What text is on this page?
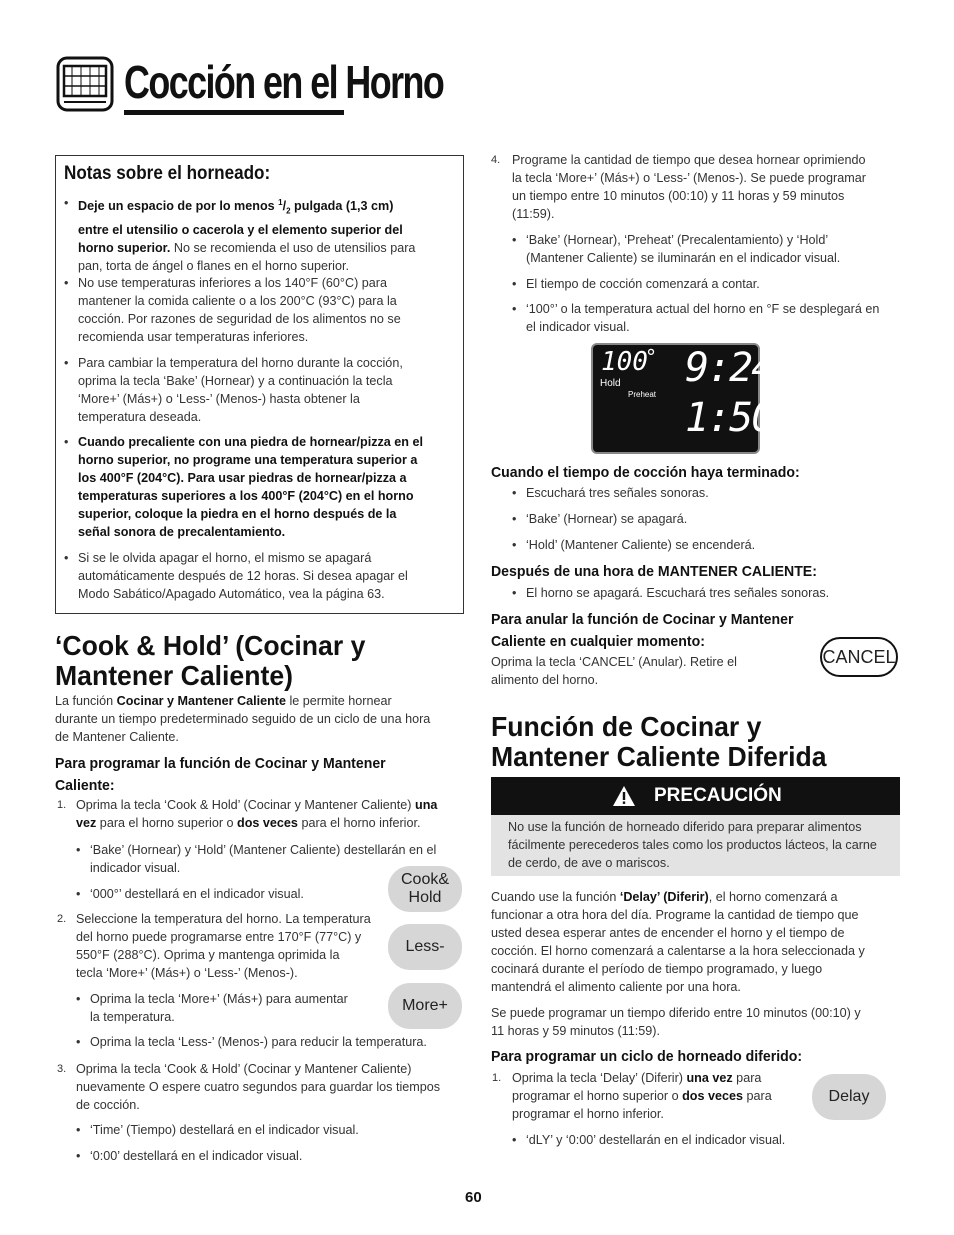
Cocción en el Horno
Notas sobre el horneado:
• Deje un espacio de por lo menos $^1/_2$ pulgada (1,3 cm)
entre el utensilio o cacerola y el elemento superior del
horno superior. No se recomienda el uso de utensilios para
pan, torta de ángel o flanes en el horno superior.
• No use temperaturas inferiores a los 140°F (60°C) para
mantener la comida caliente o a los 200°C (93°C) para la
cocción. Por razones de seguridad de los alimentos no se
recomienda usar temperaturas inferiores.
• Para cambiar la temperatura del horno durante la cocción,
oprima la tecla ‘Bake’ (Hornear) y a continuación la tecla
‘More+’ (Más+) o ‘Less-’ (Menos-) hasta obtener la
temperatura deseada.
• Cuando precaliente con una piedra de hornear/pizza en el
horno superior, no programe una temperatura superior a
los 400°F (204°C). Para usar piedras de hornear/pizza a
temperaturas superiores a los 400°F (204°C) en el horno
superior, coloque la piedra en el horno después de la
señal sonora de precalentamiento.
• Si se le olvida apagar el horno, el mismo se apagará
automáticamente después de 12 horas. Si desea apagar el
Modo Sabático/Apagado Automático, vea la página 63.
‘Cook & Hold’ (Cocinar y
Mantener Caliente)
La función Cocinar y Mantener Caliente le permite hornear
durante un tiempo predeterminado seguido de un ciclo de una hora
de Mantener Caliente.
Para programar la función de Cocinar y Mantener
Caliente:
1. Oprima la tecla ‘Cook & Hold’ (Cocinar y Mantener Caliente) una
vez para el horno superior o dos veces para el horno inferior.
• ‘Bake’ (Hornear) y ‘Hold’ (Mantener Caliente) destellarán en el
indicador visual.
• ‘000°’ destellará en el indicador visual.
2. Seleccione la temperatura del horno. La temperatura
del horno puede programarse entre 170°F (77°C) y
550°F (288°C). Oprima y mantenga oprimida la
tecla ‘More+’ (Más+) o ‘Less-’ (Menos-).
• Oprima la tecla ‘More+’ (Más+) para aumentar
la temperatura.
• Oprima la tecla ‘Less-’ (Menos-) para reducir la temperatura.
3. Oprima la tecla ‘Cook & Hold’ (Cocinar y Mantener Caliente)
nuevamente O espere cuatro segundos para guardar los tiempos
de cocción.
• ‘Time’ (Tiempo) destellará en el indicador visual.
• ‘0:00’ destellará en el indicador visual.
Cook&
Hold
Less-
More+
4. Programe la cantidad de tiempo que desea hornear oprimiendo
la tecla ‘More+’ (Más+) o ‘Less-’ (Menos-). Se puede programar
un tiempo entre 10 minutos (00:10) y 11 horas y 59 minutos
(11:59).
• ‘Bake’ (Hornear), ‘Preheat’ (Precalentamiento) y ‘Hold’
(Mantener Caliente) se iluminarán en el indicador visual.
• El tiempo de cocción comenzará a contar.
• ‘100°’ o la temperatura actual del horno en °F se desplegará en
el indicador visual.
100
°
Hold
Preheat
9:24
Bake
1:50
Cuando el tiempo de cocción haya terminado:
• Escuchará tres señales sonoras.
• ‘Bake’ (Hornear) se apagará.
• ‘Hold’ (Mantener Caliente) se encenderá.
Después de una hora de MANTENER CALIENTE:
• El horno se apagará. Escuchará tres señales sonoras.
Para anular la función de Cocinar y Mantener
Caliente en cualquier momento:
Oprima la tecla ‘CANCEL’ (Anular). Retire el
alimento del horno.
CANCEL
Función de Cocinar y
Mantener Caliente Diferida
PRECAUCIÓN
No use la función de horneado diferido para preparar alimentos
fácilmente perecederos tales como los productos lácteos, la carne
de cerdo, de ave o mariscos.
Cuando use la función ‘Delay’ (Diferir), el horno comenzará a
funcionar a otra hora del día. Programe la cantidad de tiempo que
usted desea esperar antes de encender el horno y el tiempo de
cocción. El horno comenzará a calentarse a la hora seleccionada y
cocinará durante el período de tiempo programado, y luego
mantendrá el alimento caliente por una hora.
Se puede programar un tiempo diferido entre 10 minutos (00:10) y
11 horas y 59 minutos (11:59).
Para programar un ciclo de horneado diferido:
1. Oprima la tecla ‘Delay’ (Diferir) una vez para
programar el horno superior o dos veces para
programar el horno inferior.
• ‘dLY’ y ‘0:00’ destellarán en el indicador visual.
Delay
60
